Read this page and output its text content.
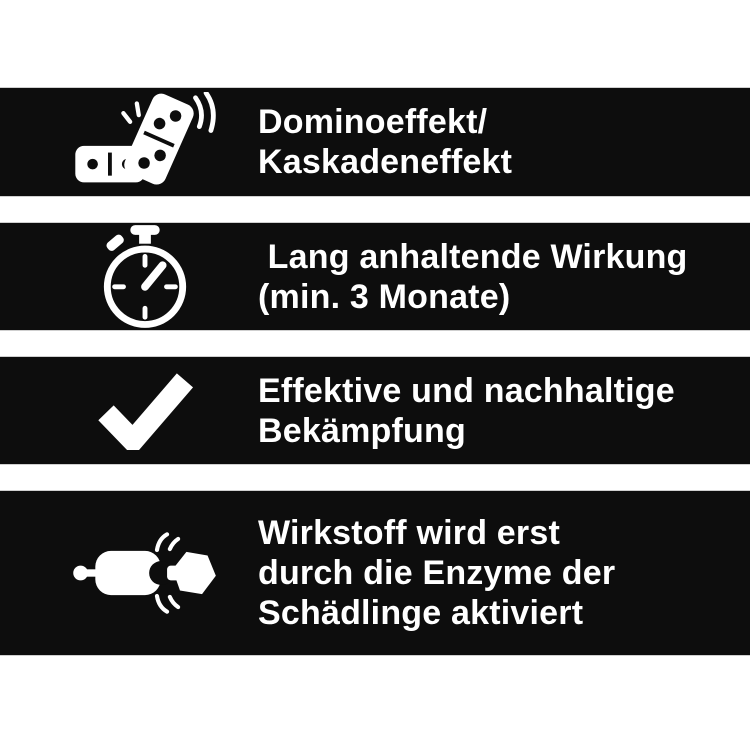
Dominoeffekt/
Kaskadeneffekt
Lang anhaltende Wirkung
(min. 3 Monate)
Effektive und nachhaltige
Bekämpfung
Wirkstoff wird erst
durch die Enzyme der
Schädlinge aktiviert
